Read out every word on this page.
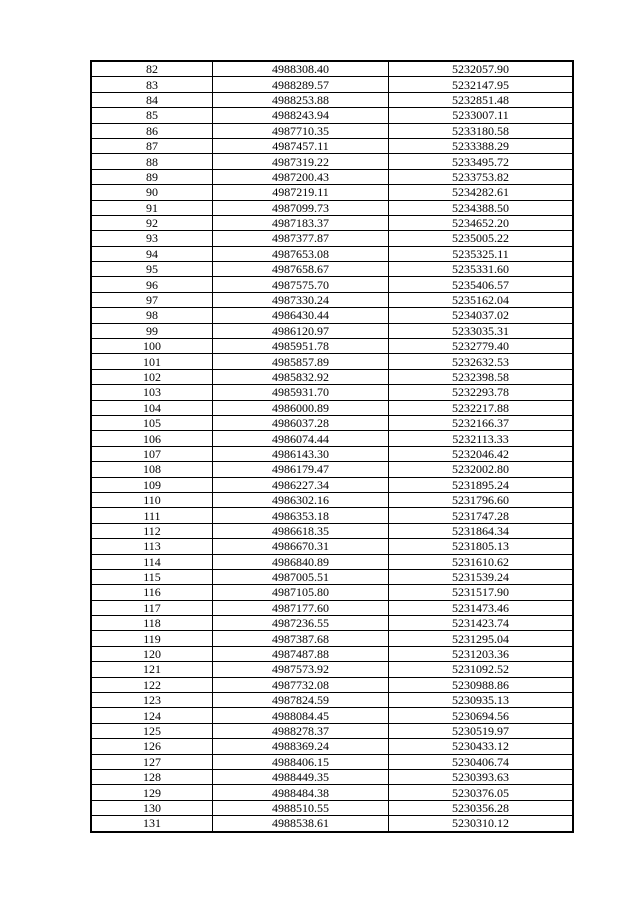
82	4988308.40	5232057.90
83	4988289.57	5232147.95
84	4988253.88	5232851.48
85	4988243.94	5233007.11
86	4987710.35	5233180.58
87	4987457.11	5233388.29
88	4987319.22	5233495.72
89	4987200.43	5233753.82
90	4987219.11	5234282.61
91	4987099.73	5234388.50
92	4987183.37	5234652.20
93	4987377.87	5235005.22
94	4987653.08	5235325.11
95	4987658.67	5235331.60
96	4987575.70	5235406.57
97	4987330.24	5235162.04
98	4986430.44	5234037.02
99	4986120.97	5233035.31
100	4985951.78	5232779.40
101	4985857.89	5232632.53
102	4985832.92	5232398.58
103	4985931.70	5232293.78
104	4986000.89	5232217.88
105	4986037.28	5232166.37
106	4986074.44	5232113.33
107	4986143.30	5232046.42
108	4986179.47	5232002.80
109	4986227.34	5231895.24
110	4986302.16	5231796.60
111	4986353.18	5231747.28
112	4986618.35	5231864.34
113	4986670.31	5231805.13
114	4986840.89	5231610.62
115	4987005.51	5231539.24
116	4987105.80	5231517.90
117	4987177.60	5231473.46
118	4987236.55	5231423.74
119	4987387.68	5231295.04
120	4987487.88	5231203.36
121	4987573.92	5231092.52
122	4987732.08	5230988.86
123	4987824.59	5230935.13
124	4988084.45	5230694.56
125	4988278.37	5230519.97
126	4988369.24	5230433.12
127	4988406.15	5230406.74
128	4988449.35	5230393.63
129	4988484.38	5230376.05
130	4988510.55	5230356.28
131	4988538.61	5230310.12
